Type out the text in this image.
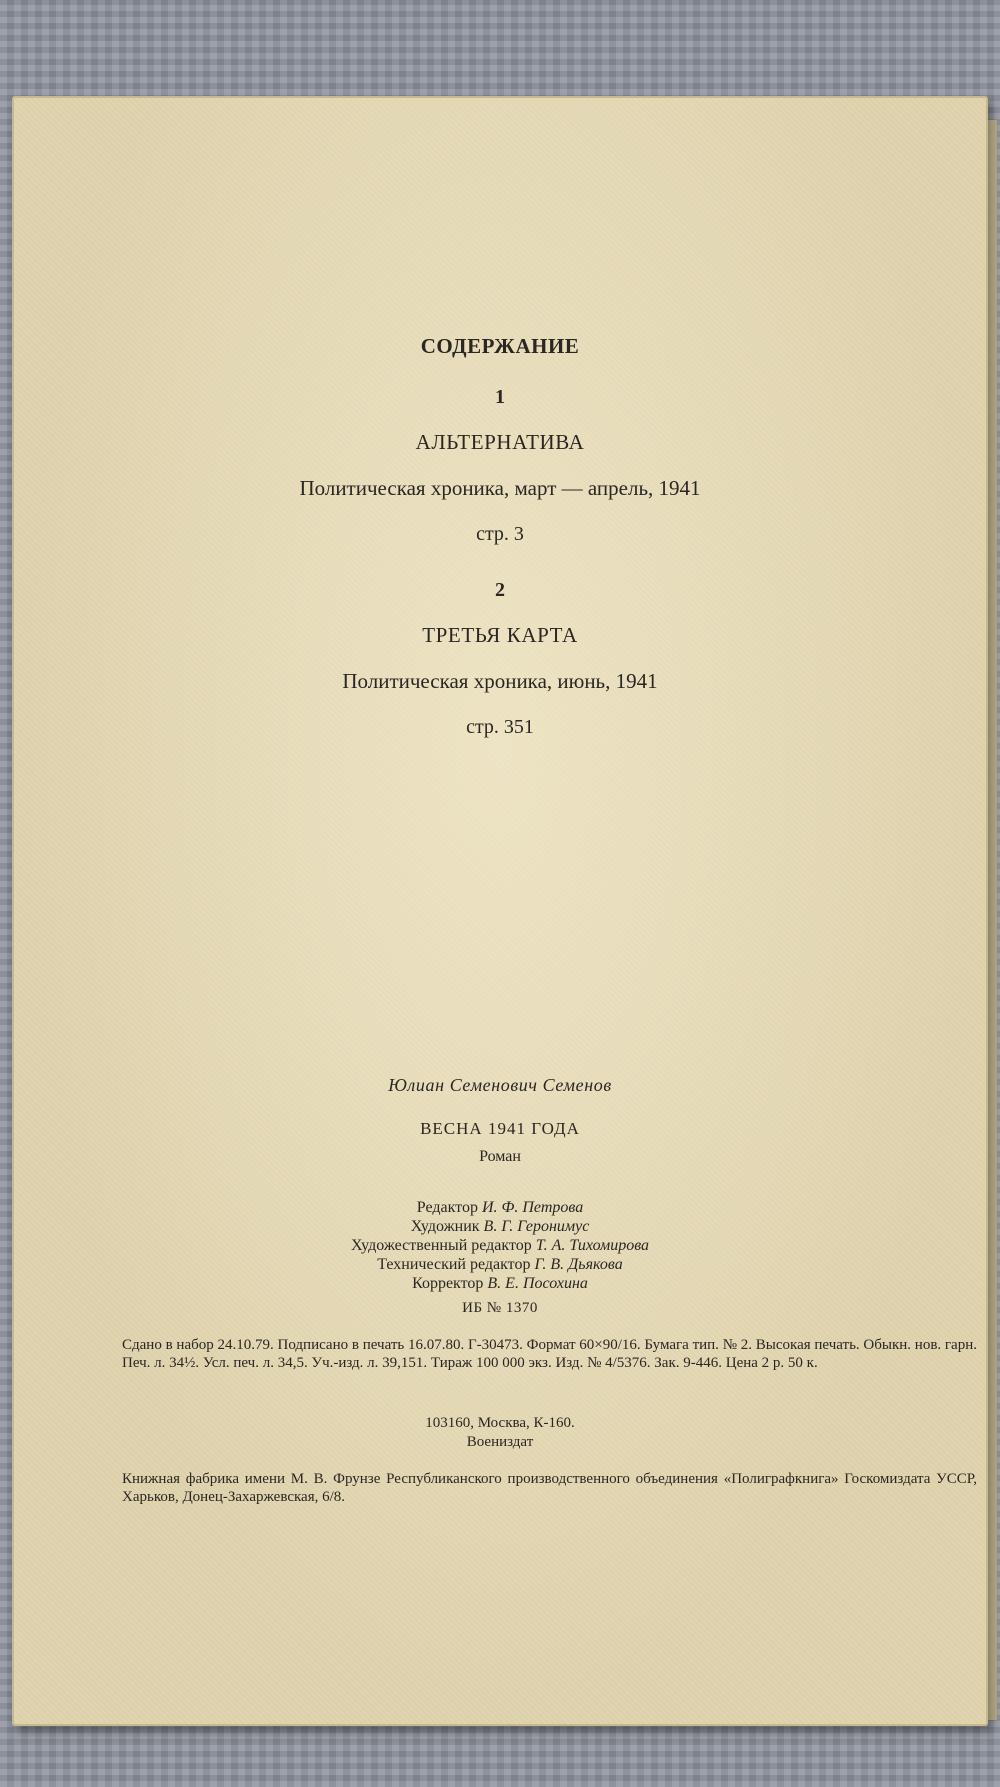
СОДЕРЖАНИЕ
1
АЛЬТЕРНАТИВА
Политическая хроника, март — апрель, 1941
стр. 3
2
ТРЕТЬЯ КАРТА
Политическая хроника, июнь, 1941
стр. 351
Юлиан Семенович Семенов
ВЕСНА 1941 ГОДА
Роман
Редактор И. Ф. Петрова
Художник В. Г. Геронимус
Художественный редактор Т. А. Тихомирова
Технический редактор Г. В. Дьякова
Корректор В. Е. Посохина
ИБ № 1370
Сдано в набор 24.10.79. Подписано в печать 16.07.80. Г-30473. Формат 60×90/16. Бумага тип. № 2. Высокая печать. Обыкн. нов. гарн. Печ. л. 34½. Усл. печ. л. 34,5. Уч.-изд. л. 39,151. Тираж 100 000 экз. Изд. № 4/5376. Зак. 9-446. Цена 2 р. 50 к.
103160, Москва, К-160.
Воениздат
Книжная фабрика имени М. В. Фрунзе Республиканского производственного объединения «Полиграфкнига» Госкомиздата УССР, Харьков, Донец-Захаржевская, 6/8.
